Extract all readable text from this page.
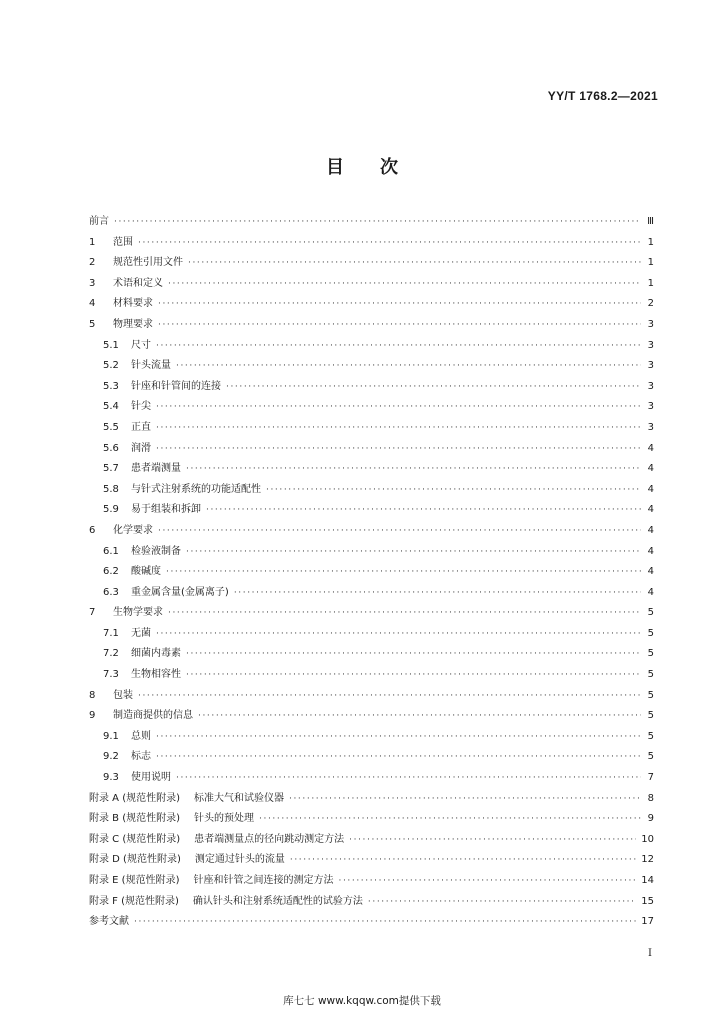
YY/T 1768.2—2021
目 次
前言 ·····	Ⅲ
1	范围 ·····	1
2	规范性引用文件 ·····	1
3	术语和定义 ·····	1
4	材料要求 ·····	2
5	物理要求 ·····	3
5.1	尺寸 ·····	3
5.2	针头流量 ·····	3
5.3	针座和针管间的连接 ·····	3
5.4	针尖 ·····	3
5.5	正直 ·····	3
5.6	润滑 ·····	4
5.7	患者端测量 ·····	4
5.8	与针式注射系统的功能适配性 ·····	4
5.9	易于组装和拆卸 ·····	4
6	化学要求 ·····	4
6.1	检验液制备 ·····	4
6.2	酸碱度 ·····	4
6.3	重金属含量(金属离子) ·····	4
7	生物学要求 ·····	5
7.1	无菌 ·····	5
7.2	细菌内毒素 ·····	5
7.3	生物相容性 ·····	5
8	包装 ·····	5
9	制造商提供的信息 ·····	5
9.1	总则 ·····	5
9.2	标志 ·····	5
9.3	使用说明 ·····	7
附录 A (规范性附录) 标准大气和试验仪器 ·····	8
附录 B (规范性附录) 针头的预处理 ·····	9
附录 C (规范性附录) 患者端测量点的径向跳动测定方法 ·····	10
附录 D (规范性附录) 测定通过针头的流量 ·····	12
附录 E (规范性附录) 针座和针管之间连接的测定方法 ·····	14
附录 F (规范性附录) 确认针头和注射系统适配性的试验方法 ·····	15
参考文献 ·····	17
I
库七七 www.kqqw.com提供下载
